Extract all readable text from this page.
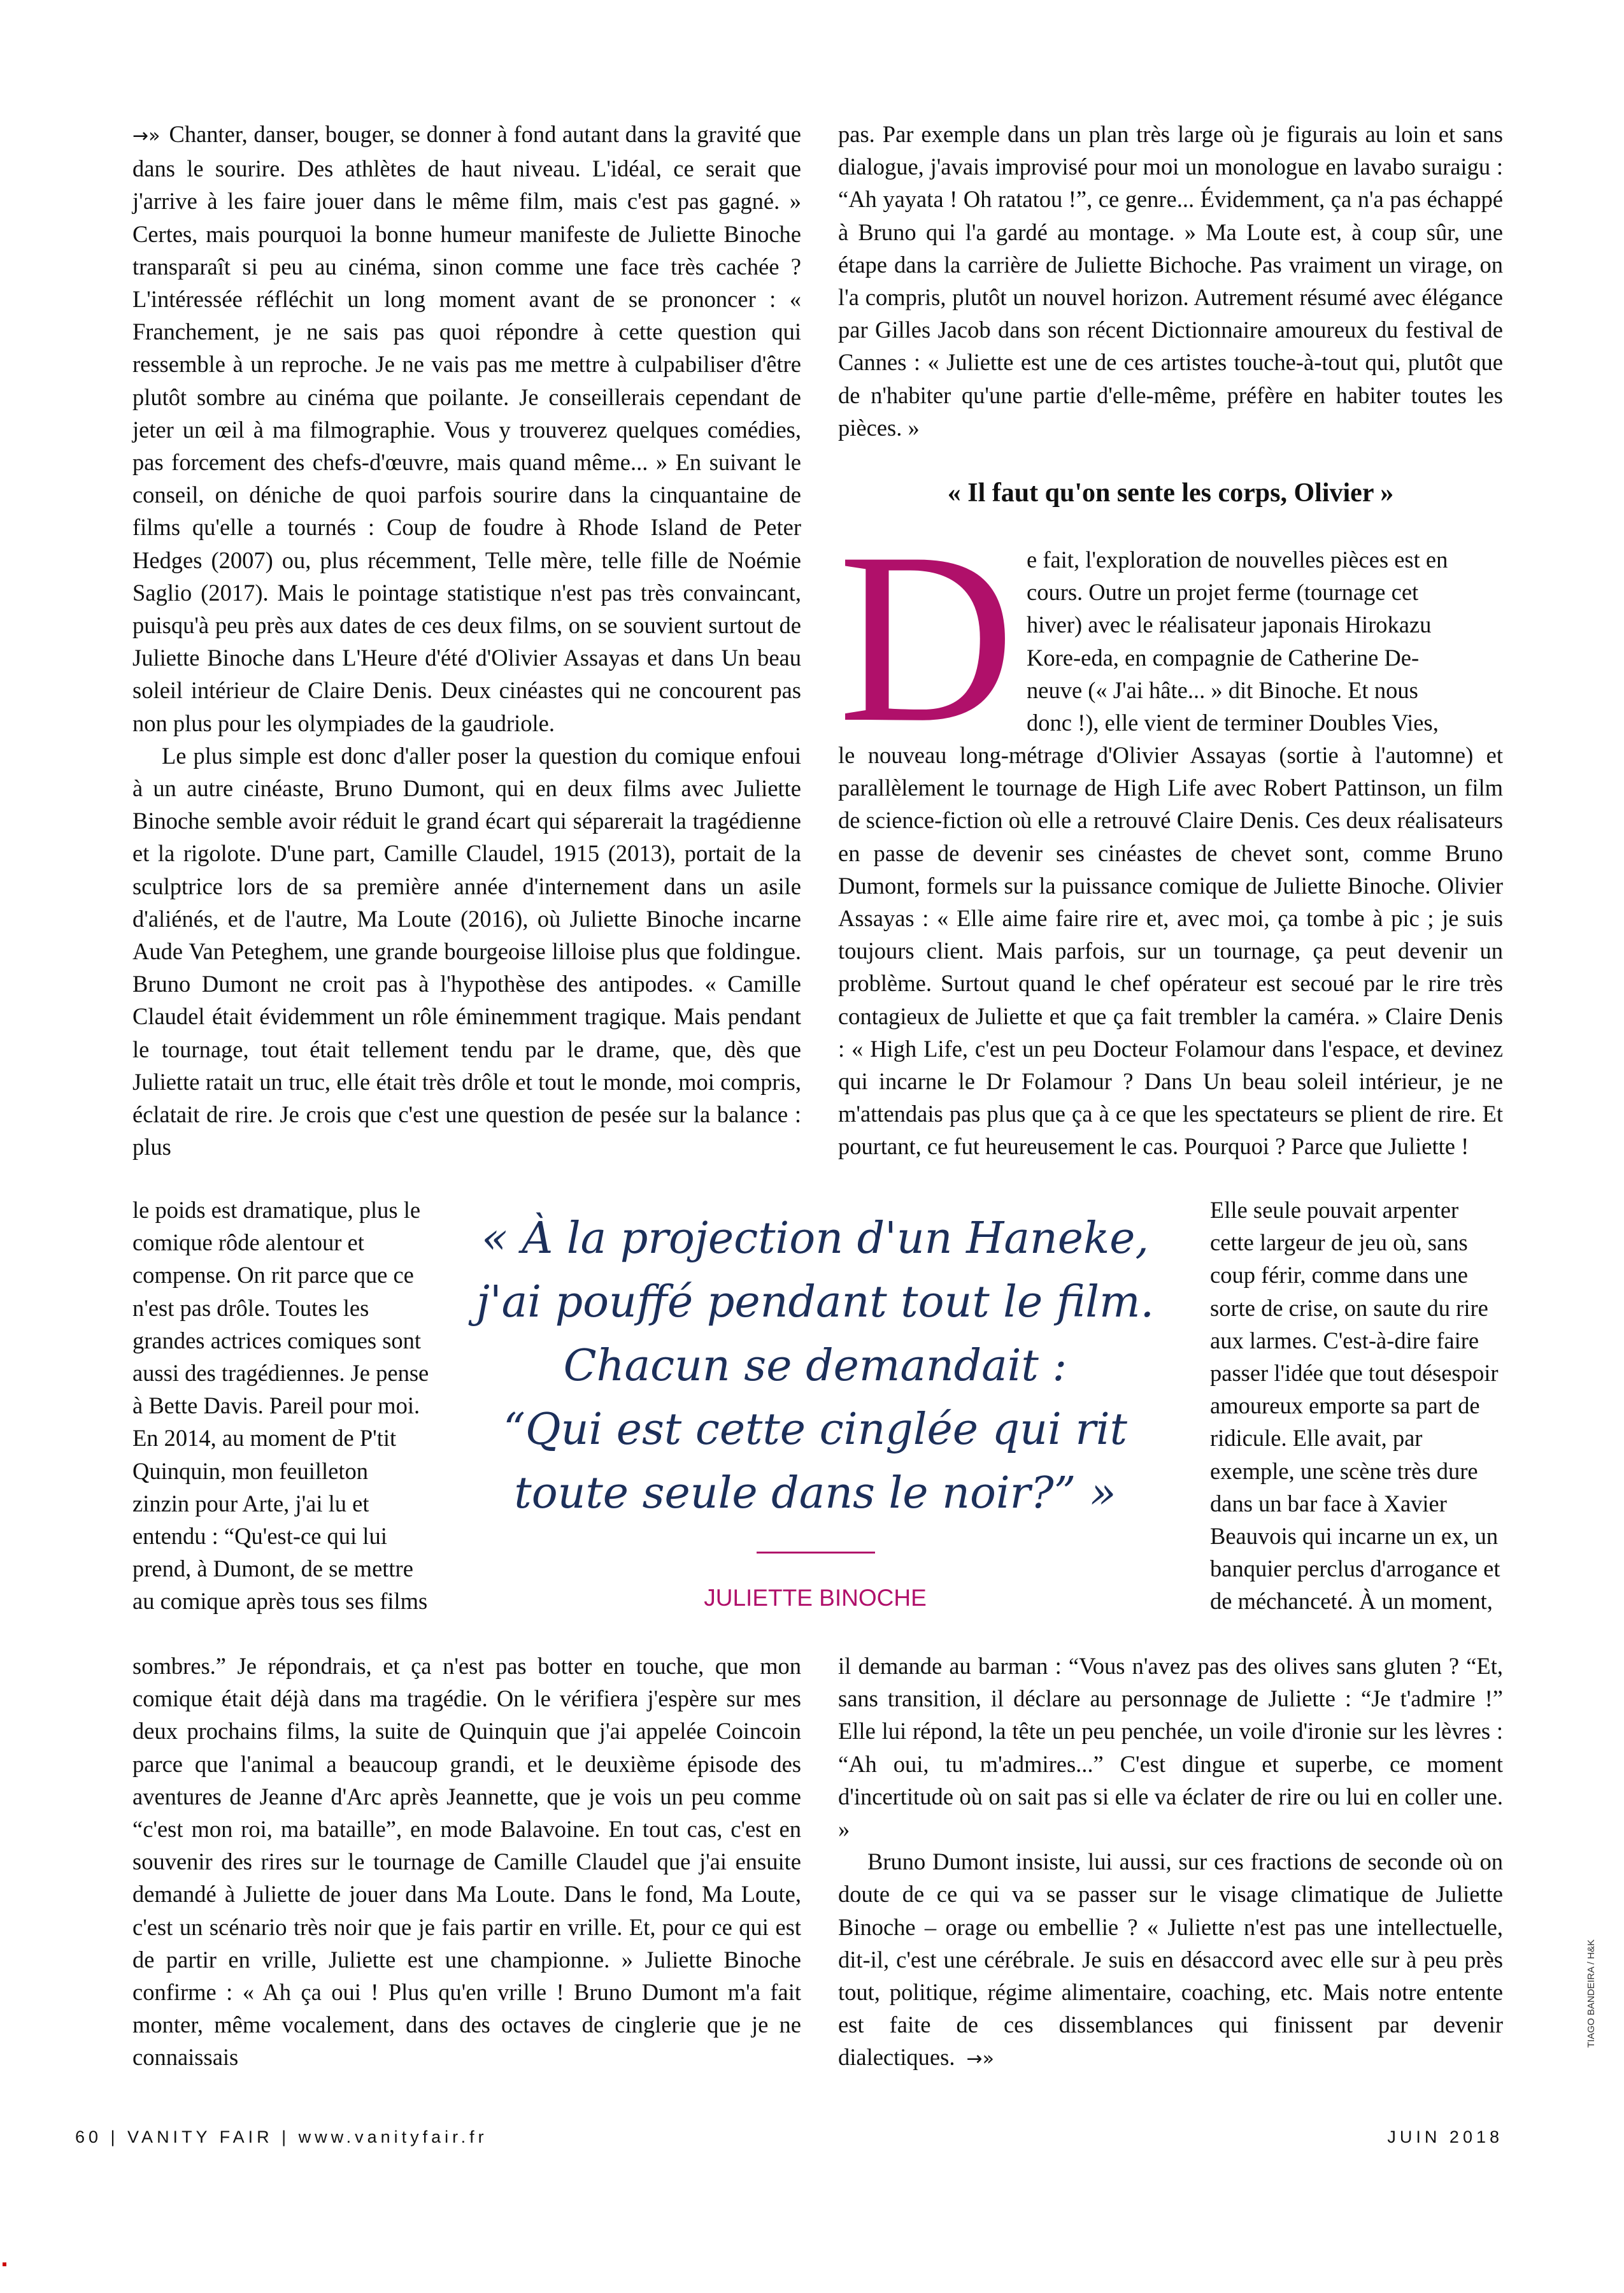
→» Chanter, danser, bouger, se donner à fond autant dans la gravité que dans le sourire. Des athlètes de haut niveau. L'idéal, ce serait que j'arrive à les faire jouer dans le même film, mais c'est pas gagné. » Certes, mais pourquoi la bonne humeur manifeste de Juliette Binoche transparaît si peu au cinéma, sinon comme une face très cachée ? L'intéressée réfléchit un long moment avant de se prononcer : « Franchement, je ne sais pas quoi répondre à cette question qui ressemble à un reproche. Je ne vais pas me mettre à culpabiliser d'être plutôt sombre au cinéma que poilante. Je conseillerais cependant de jeter un œil à ma filmographie. Vous y trouverez quelques comédies, pas forcement des chefs-d'œuvre, mais quand même... » En suivant le conseil, on déniche de quoi parfois sourire dans la cinquantaine de films qu'elle a tournés : Coup de foudre à Rhode Island de Peter Hedges (2007) ou, plus récemment, Telle mère, telle fille de Noémie Saglio (2017). Mais le pointage statistique n'est pas très convaincant, puisqu'à peu près aux dates de ces deux films, on se souvient surtout de Juliette Binoche dans L'Heure d'été d'Olivier Assayas et dans Un beau soleil intérieur de Claire Denis. Deux cinéastes qui ne concourent pas non plus pour les olympiades de la gaudriole.

Le plus simple est donc d'aller poser la question du comique enfoui à un autre cinéaste, Bruno Dumont, qui en deux films avec Juliette Binoche semble avoir réduit le grand écart qui séparerait la tragédienne et la rigolote. D'une part, Camille Claudel, 1915 (2013), portait de la sculptrice lors de sa première année d'internement dans un asile d'aliénés, et de l'autre, Ma Loute (2016), où Juliette Binoche incarne Aude Van Peteghem, une grande bourgeoise lilloise plus que foldingue. Bruno Dumont ne croit pas à l'hypothèse des antipodes. « Camille Claudel était évidemment un rôle éminemment tragique. Mais pendant le tournage, tout était tellement tendu par le drame, que, dès que Juliette ratait un truc, elle était très drôle et tout le monde, moi compris, éclatait de rire. Je crois que c'est une question de pesée sur la balance : plus

le poids est dramatique, plus le comique rôde alentour et compense. On rit parce que ce n'est pas drôle. Toutes les grandes actrices comiques sont aussi des tragédiennes. Je pense à Bette Davis. Pareil pour moi. En 2014, au moment de P'tit Quinquin, mon feuilleton zinzin pour Arte, j'ai lu et entendu : “Qu'est-ce qui lui prend, à Dumont, de se mettre au comique après tous ses films

sombres.” Je répondrais, et ça n'est pas botter en touche, que mon comique était déjà dans ma tragédie. On le vérifiera j'espère sur mes deux prochains films, la suite de Quinquin que j'ai appelée Coincoin parce que l'animal a beaucoup grandi, et le deuxième épisode des aventures de Jeanne d'Arc après Jeannette, que je vois un peu comme “c'est mon roi, ma bataille”, en mode Balavoine. En tout cas, c'est en souvenir des rires sur le tournage de Camille Claudel que j'ai ensuite demandé à Juliette de jouer dans Ma Loute. Dans le fond, Ma Loute, c'est un scénario très noir que je fais partir en vrille. Et, pour ce qui est de partir en vrille, Juliette est une championne. » Juliette Binoche confirme : « Ah ça oui ! Plus qu'en vrille ! Bruno Dumont m'a fait monter, même vocalement, dans des octaves de cinglerie que je ne connaissais

pas. Par exemple dans un plan très large où je figurais au loin et sans dialogue, j'avais improvisé pour moi un monologue en lavabo suraigu : “Ah yayata ! Oh ratatou !”, ce genre... Évidemment, ça n'a pas échappé à Bruno qui l'a gardé au montage. » Ma Loute est, à coup sûr, une étape dans la carrière de Juliette Bichoche. Pas vraiment un virage, on l'a compris, plutôt un nouvel horizon. Autrement résumé avec élégance par Gilles Jacob dans son récent Dictionnaire amoureux du festival de Cannes : « Juliette est une de ces artistes touche-à-tout qui, plutôt que de n'habiter qu'une partie d'elle-même, préfère en habiter toutes les pièces. »

« Il faut qu'on sente les corps, Olivier »
D e fait, l'exploration de nouvelles pièces est en

cours. Outre un projet ferme (tournage cet

hiver) avec le réalisateur japonais Hirokazu

Kore-eda, en compagnie de Catherine De-

neuve (« J'ai hâte... » dit Binoche. Et nous

donc !), elle vient de terminer Doubles Vies,

le nouveau long-métrage d'Olivier Assayas (sortie à l'automne) et parallèlement le tournage de High Life avec Robert Pattinson, un film de science-fiction où elle a retrouvé Claire Denis. Ces deux réalisateurs en passe de devenir ses cinéastes de chevet sont, comme Bruno Dumont, formels sur la puissance comique de Juliette Binoche. Olivier Assayas : « Elle aime faire rire et, avec moi, ça tombe à pic ; je suis toujours client. Mais parfois, sur un tournage, ça peut devenir un problème. Surtout quand le chef opérateur est secoué par le rire très contagieux de Juliette et que ça fait trembler la caméra. » Claire Denis : « High Life, c'est un peu Docteur Folamour dans l'espace, et devinez qui incarne le Dr Folamour ? Dans Un beau soleil intérieur, je ne m'attendais pas plus que ça à ce que les spectateurs se plient de rire. Et pourtant, ce fut heureusement le cas. Pourquoi ? Parce que Juliette !

Elle seule pouvait arpenter cette largeur de jeu où, sans coup férir, comme dans une sorte de crise, on saute du rire aux larmes. C'est-à-dire faire passer l'idée que tout désespoir amoureux emporte sa part de ridicule. Elle avait, par exemple, une scène très dure dans un bar face à Xavier Beauvois qui incarne un ex, un banquier perclus d'arrogance et de méchanceté. À un moment,

il demande au barman : “Vous n'avez pas des olives sans gluten ? “Et, sans transition, il déclare au personnage de Juliette : “Je t'admire !” Elle lui répond, la tête un peu penchée, un voile d'ironie sur les lèvres : “Ah oui, tu m'admires...” C'est dingue et superbe, ce moment d'incertitude où on sait pas si elle va éclater de rire ou lui en coller une. »

Bruno Dumont insiste, lui aussi, sur ces fractions de seconde où on doute de ce qui va se passer sur le visage climatique de Juliette Binoche – orage ou embellie ? « Juliette n'est pas une intellectuelle, dit-il, c'est une cérébrale. Je suis en désaccord avec elle sur à peu près tout, politique, régime alimentaire, coaching, etc. Mais notre entente est faite de ces dissemblances qui finissent par devenir dialectiques. →»

« À la projection d'un Haneke,
j'ai pouffé pendant tout le film.
Chacun se demandait :
“Qui est cette cinglée qui rit
toute seule dans le noir?” »
JULIETTE BINOCHE
60 | VANITY FAIR | www.vanityfair.fr	JUIN 2018
TIAGO BANDEIRA / H&K
